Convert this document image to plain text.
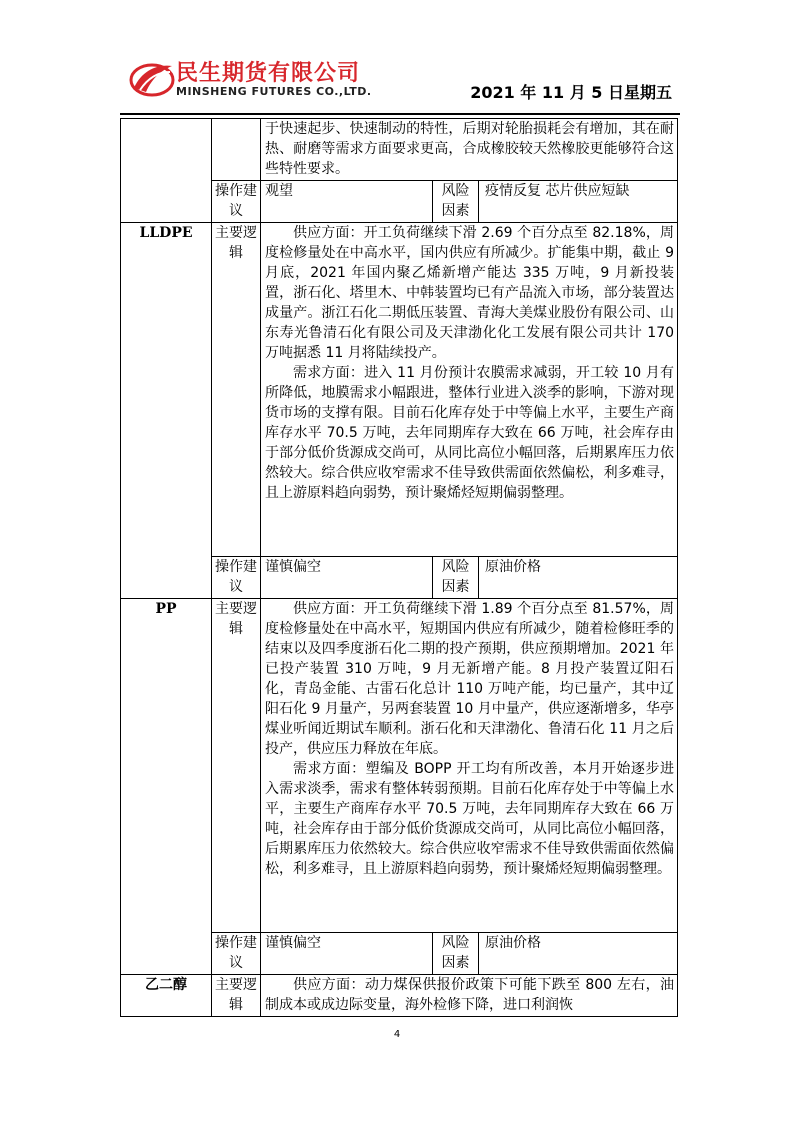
民生期货有限公司
MINSHENG FUTURES CO.,LTD.	2021 年 11 月 5 日星期五

		于快速起步、快速制动的特性，后期对轮胎损耗会有增加，其在耐热、耐磨等需求方面要求更高，合成橡胶较天然橡胶更能够符合这些特性要求。		

	操作建议	观望	风险因素	疫情反复 芯片供应短缺
LLDPE	主要逻辑	供应方面：开工负荷继续下滑 2.69 个百分点至 82.18%，周度检修量处在中高水平，国内供应有所减少。扩能集中期，截止 9 月底，2021 年国内聚乙烯新增产能达 335 万吨，9 月新投装置，浙石化、塔里木、中韩装置均已有产品流入市场，部分装置达成量产。浙江石化二期低压装置、青海大美煤业股份有限公司、山东寿光鲁清石化有限公司及天津渤化化工发展有限公司共计 170 万吨据悉 11 月将陆续投产。

需求方面：进入 11 月份预计农膜需求减弱，开工较 10 月有所降低，地膜需求小幅跟进，整体行业进入淡季的影响，下游对现货市场的支撑有限。目前石化库存处于中等偏上水平，主要生产商库存水平 70.5 万吨，去年同期库存大致在 66 万吨，社会库存由于部分低价货源成交尚可，从同比高位小幅回落，后期累库压力依然较大。综合供应收窄需求不佳导致供需面依然偏松，利多难寻，且上游原料趋向弱势，预计聚烯烃短期偏弱整理。		

	操作建议	谨慎偏空	风险因素	原油价格
PP	主要逻辑	供应方面：开工负荷继续下滑 1.89 个百分点至 81.57%，周度检修量处在中高水平，短期国内供应有所减少，随着检修旺季的结束以及四季度浙石化二期的投产预期，供应预期增加。2021 年已投产装置 310 万吨，9 月无新增产能。8 月投产装置辽阳石化，青岛金能、古雷石化总计 110 万吨产能，均已量产，其中辽阳石化 9 月量产，另两套装置 10 月中量产，供应逐渐增多，华亭煤业听闻近期试车顺利。浙石化和天津渤化、鲁清石化 11 月之后投产，供应压力释放在年底。

需求方面：塑编及 BOPP 开工均有所改善，本月开始逐步进入需求淡季，需求有整体转弱预期。目前石化库存处于中等偏上水平，主要生产商库存水平 70.5 万吨，去年同期库存大致在 66 万吨，社会库存由于部分低价货源成交尚可，从同比高位小幅回落，后期累库压力依然较大。综合供应收窄需求不佳导致供需面依然偏松，利多难寻，且上游原料趋向弱势，预计聚烯烃短期偏弱整理。		

	操作建议	谨慎偏空	风险因素	原油价格
乙二醇	主要逻辑	供应方面：动力煤保供报价政策下可能下跌至 800 左右，油制成本或成边际变量，海外检修下降，进口利润恢		

4
